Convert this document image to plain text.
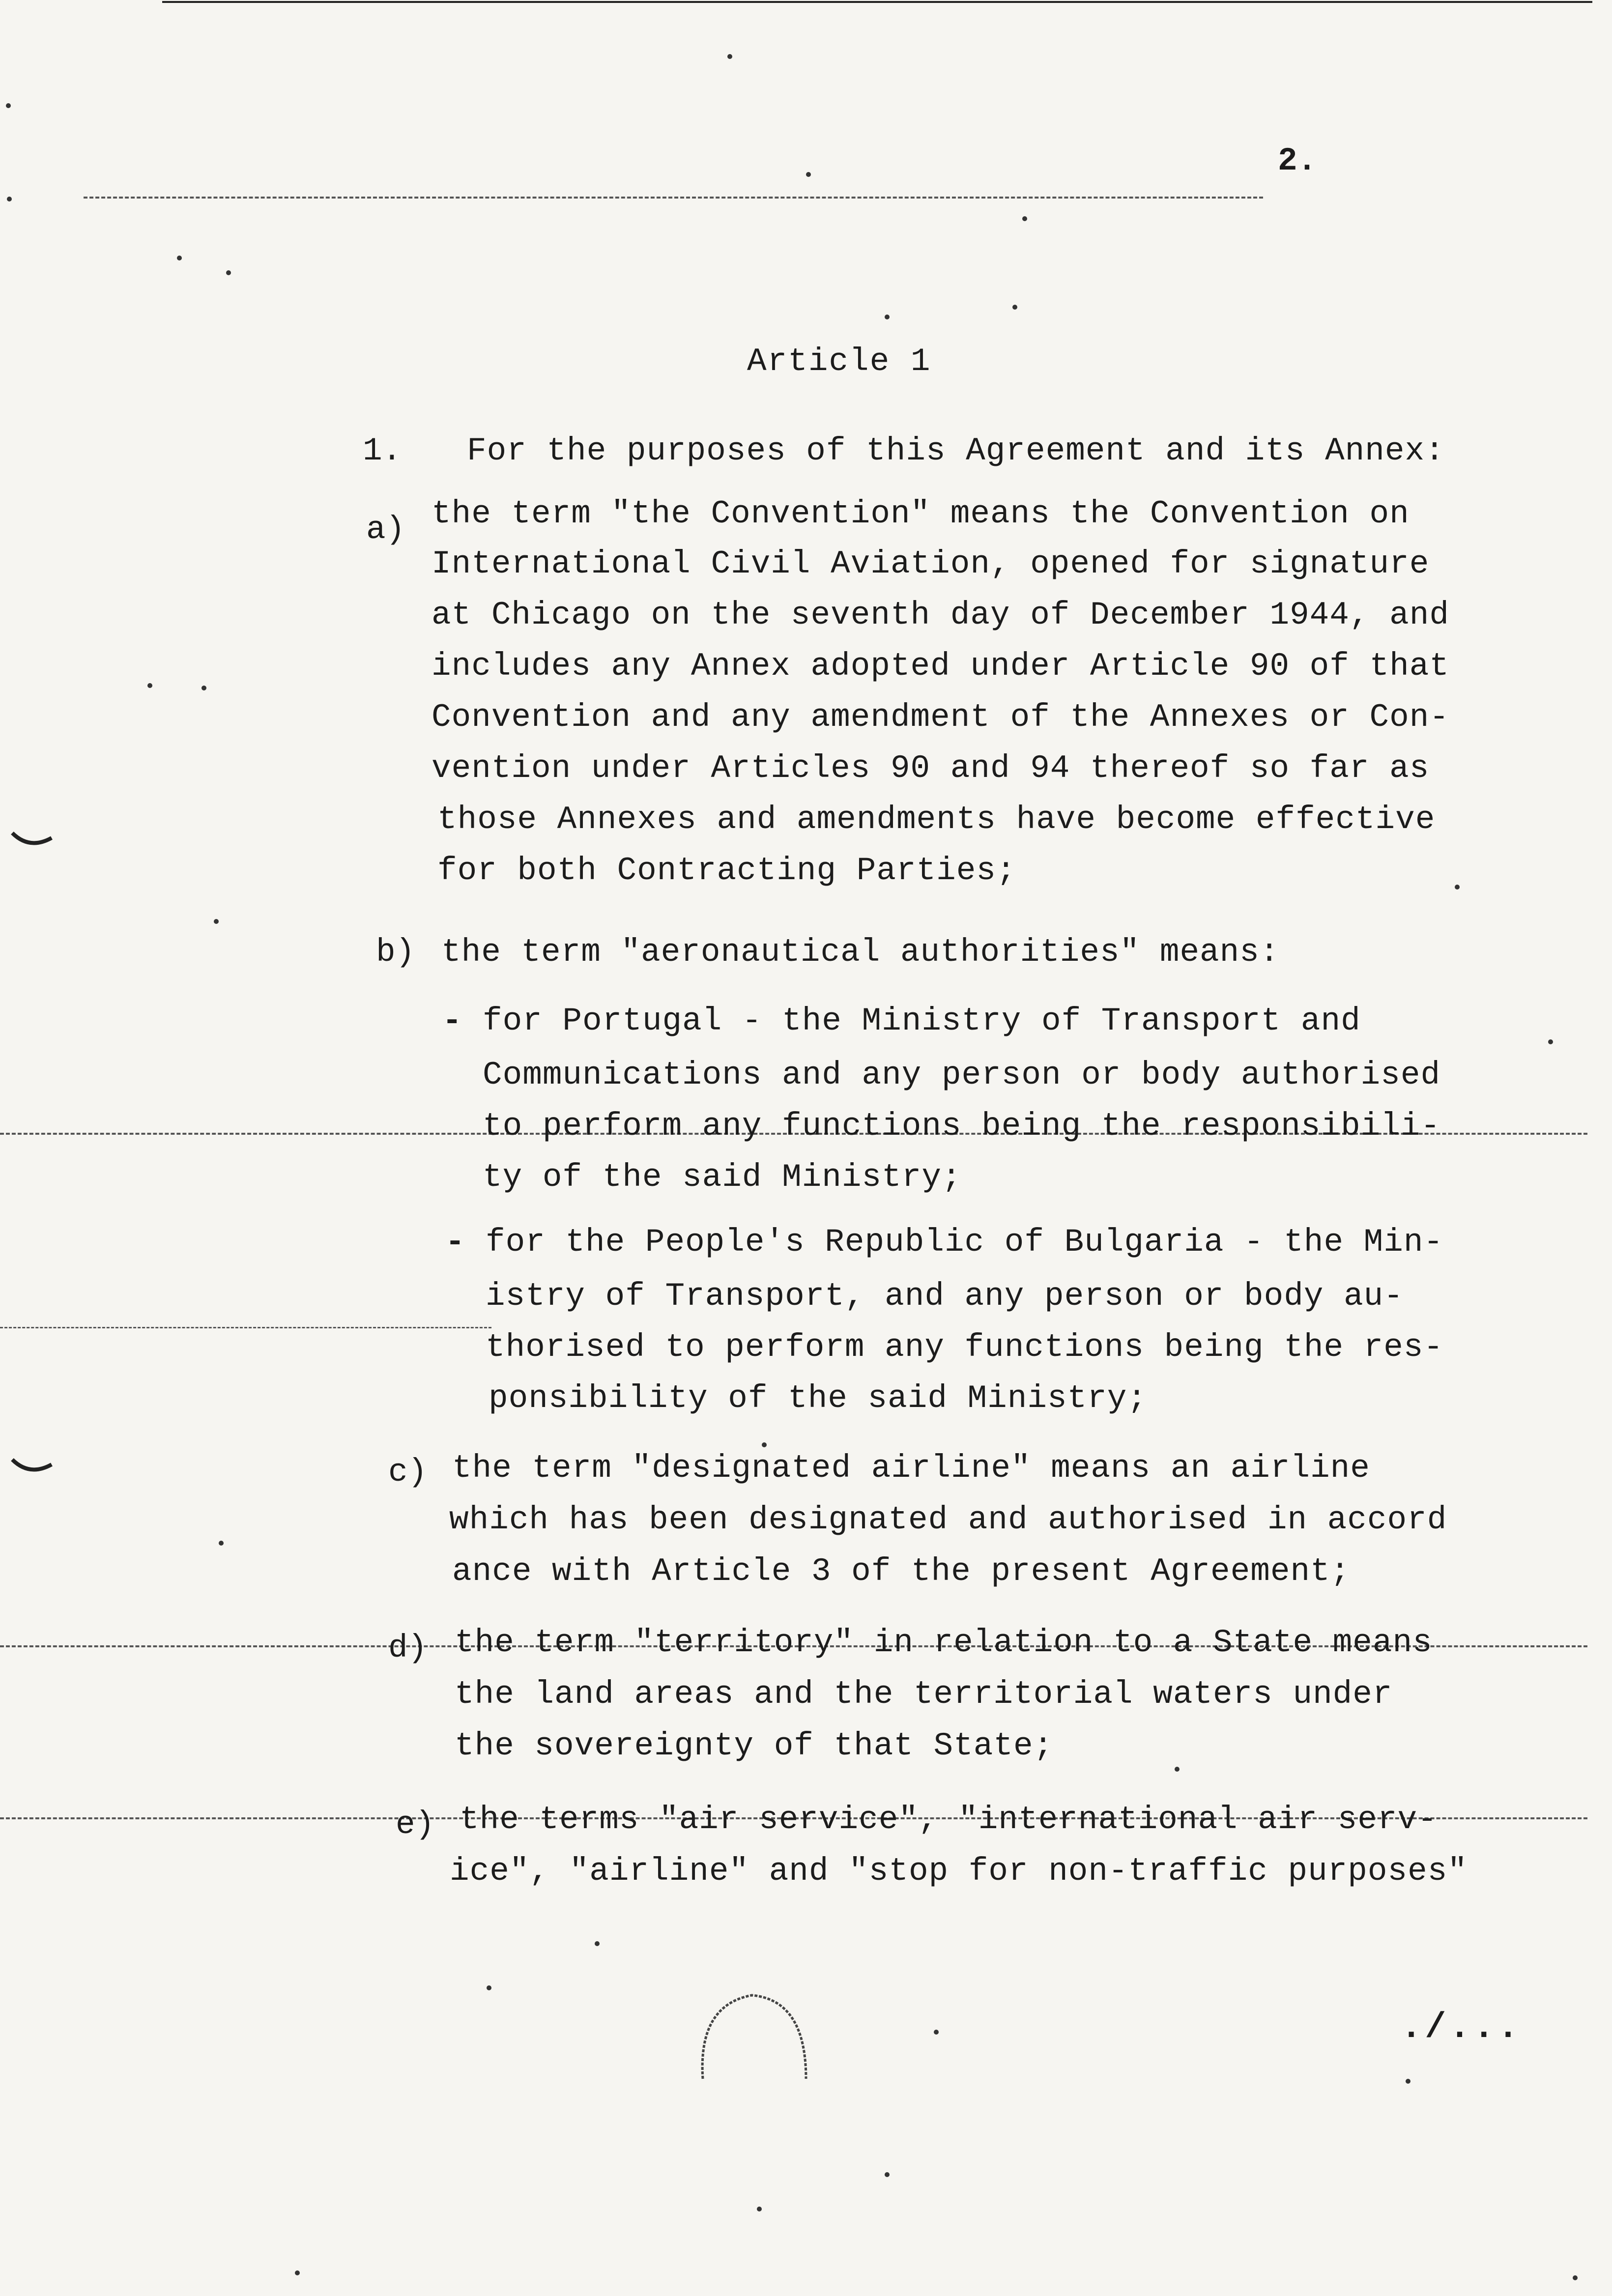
2.
Article 1
1. For the purposes of this Agreement and its Annex:
a) the term "the Convention" means the Convention on
International Civil Aviation, opened for signature
at Chicago on the seventh day of December 1944, and
includes any Annex adopted under Article 90 of that
Convention and any amendment of the Annexes or Con-
vention under Articles 90 and 94 thereof so far as
those Annexes and amendments have become effective
for both Contracting Parties;
b) the term "aeronautical authorities" means:
- for Portugal - the Ministry of Transport and
Communications and any person or body authorised
to perform any functions being the responsibili-
ty of the said Ministry;
- for the People's Republic of Bulgaria - the Min-
istry of Transport, and any person or body au-
thorised to perform any functions being the res-
ponsibility of the said Ministry;
c) the term "designated airline" means an airline
which has been designated and authorised in accord
ance with Article 3 of the present Agreement;
d) the term "territory" in relation to a State means
the land areas and the territorial waters under
the sovereignty of that State;
e) the terms "air service", "international air serv-
ice", "airline" and "stop for non-traffic purposes"
./...
